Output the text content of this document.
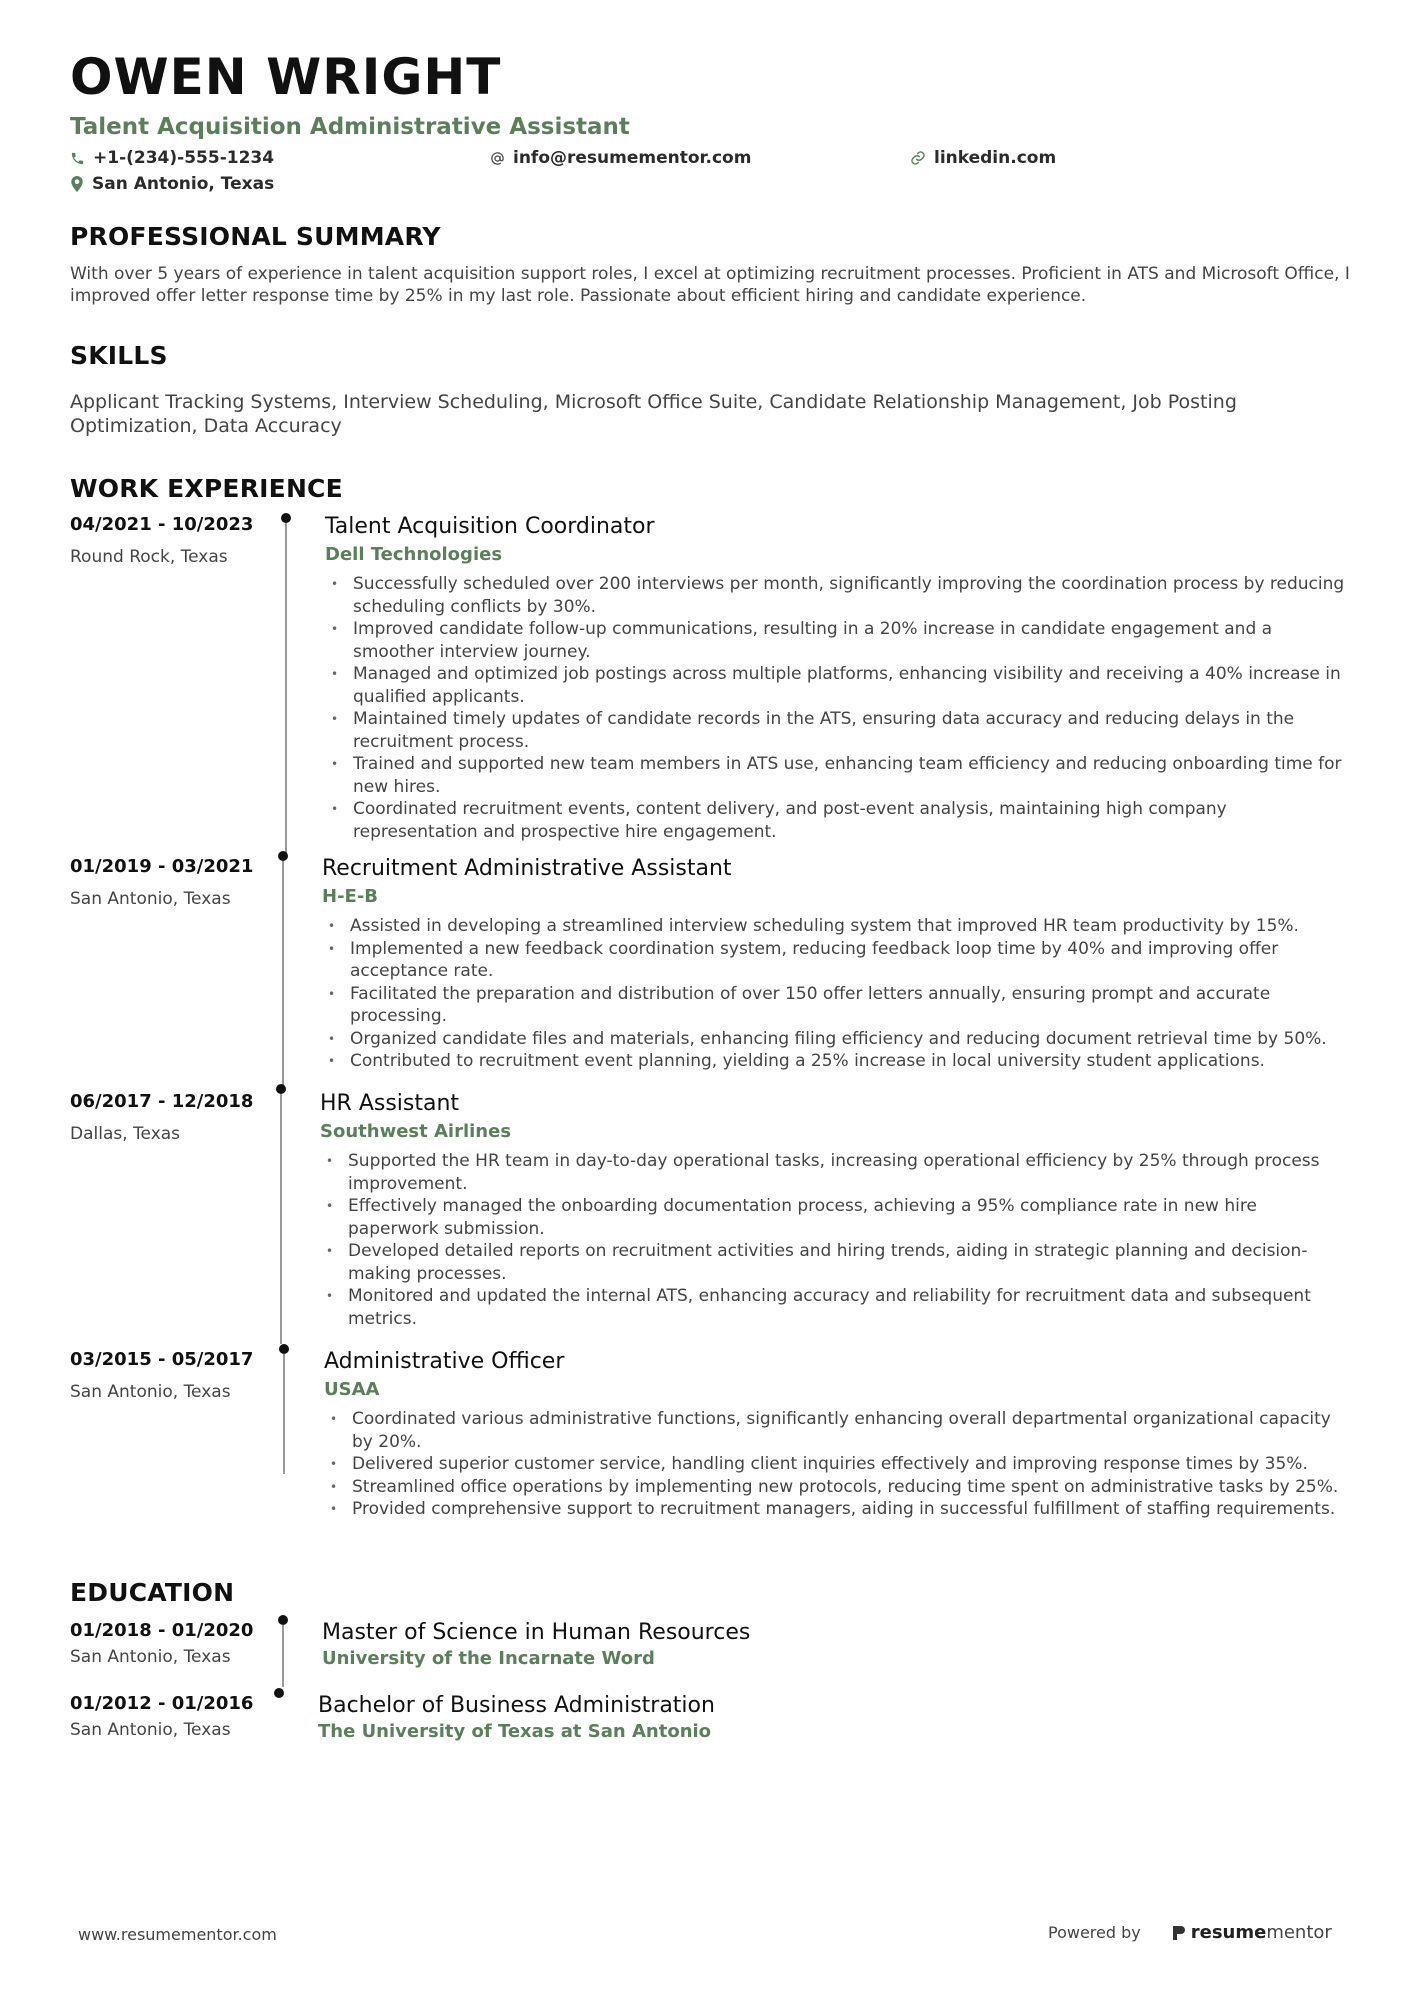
OWEN WRIGHT
Talent Acquisition Administrative Assistant
+1-(234)-555-1234	info@resumementor.com	linkedin.com
San Antonio, Texas
PROFESSIONAL SUMMARY
With over 5 years of experience in talent acquisition support roles, I excel at optimizing recruitment processes. Proficient in ATS and Microsoft Office, I improved offer letter response time by 25% in my last role. Passionate about efficient hiring and candidate experience.
SKILLS
Applicant Tracking Systems, Interview Scheduling, Microsoft Office Suite, Candidate Relationship Management, Job Posting Optimization, Data Accuracy
WORK EXPERIENCE
04/2021 - 10/2023
Round Rock, Texas
Talent Acquisition Coordinator
Dell Technologies
• Successfully scheduled over 200 interviews per month, significantly improving the coordination process by reducing scheduling conflicts by 30%.
• Improved candidate follow-up communications, resulting in a 20% increase in candidate engagement and a smoother interview journey.
• Managed and optimized job postings across multiple platforms, enhancing visibility and receiving a 40% increase in qualified applicants.
• Maintained timely updates of candidate records in the ATS, ensuring data accuracy and reducing delays in the recruitment process.
• Trained and supported new team members in ATS use, enhancing team efficiency and reducing onboarding time for new hires.
• Coordinated recruitment events, content delivery, and post-event analysis, maintaining high company representation and prospective hire engagement.
01/2019 - 03/2021
San Antonio, Texas
Recruitment Administrative Assistant
H-E-B
• Assisted in developing a streamlined interview scheduling system that improved HR team productivity by 15%.
• Implemented a new feedback coordination system, reducing feedback loop time by 40% and improving offer acceptance rate.
• Facilitated the preparation and distribution of over 150 offer letters annually, ensuring prompt and accurate processing.
• Organized candidate files and materials, enhancing filing efficiency and reducing document retrieval time by 50%.
• Contributed to recruitment event planning, yielding a 25% increase in local university student applications.
06/2017 - 12/2018
Dallas, Texas
HR Assistant
Southwest Airlines
• Supported the HR team in day-to-day operational tasks, increasing operational efficiency by 25% through process improvement.
• Effectively managed the onboarding documentation process, achieving a 95% compliance rate in new hire paperwork submission.
• Developed detailed reports on recruitment activities and hiring trends, aiding in strategic planning and decision-making processes.
• Monitored and updated the internal ATS, enhancing accuracy and reliability for recruitment data and subsequent metrics.
03/2015 - 05/2017
San Antonio, Texas
Administrative Officer
USAA
• Coordinated various administrative functions, significantly enhancing overall departmental organizational capacity by 20%.
• Delivered superior customer service, handling client inquiries effectively and improving response times by 35%.
• Streamlined office operations by implementing new protocols, reducing time spent on administrative tasks by 25%.
• Provided comprehensive support to recruitment managers, aiding in successful fulfillment of staffing requirements.
EDUCATION
01/2018 - 01/2020
San Antonio, Texas
Master of Science in Human Resources
University of the Incarnate Word
01/2012 - 01/2016
San Antonio, Texas
Bachelor of Business Administration
The University of Texas at San Antonio
www.resumementor.com	Powered by	resume mentor
